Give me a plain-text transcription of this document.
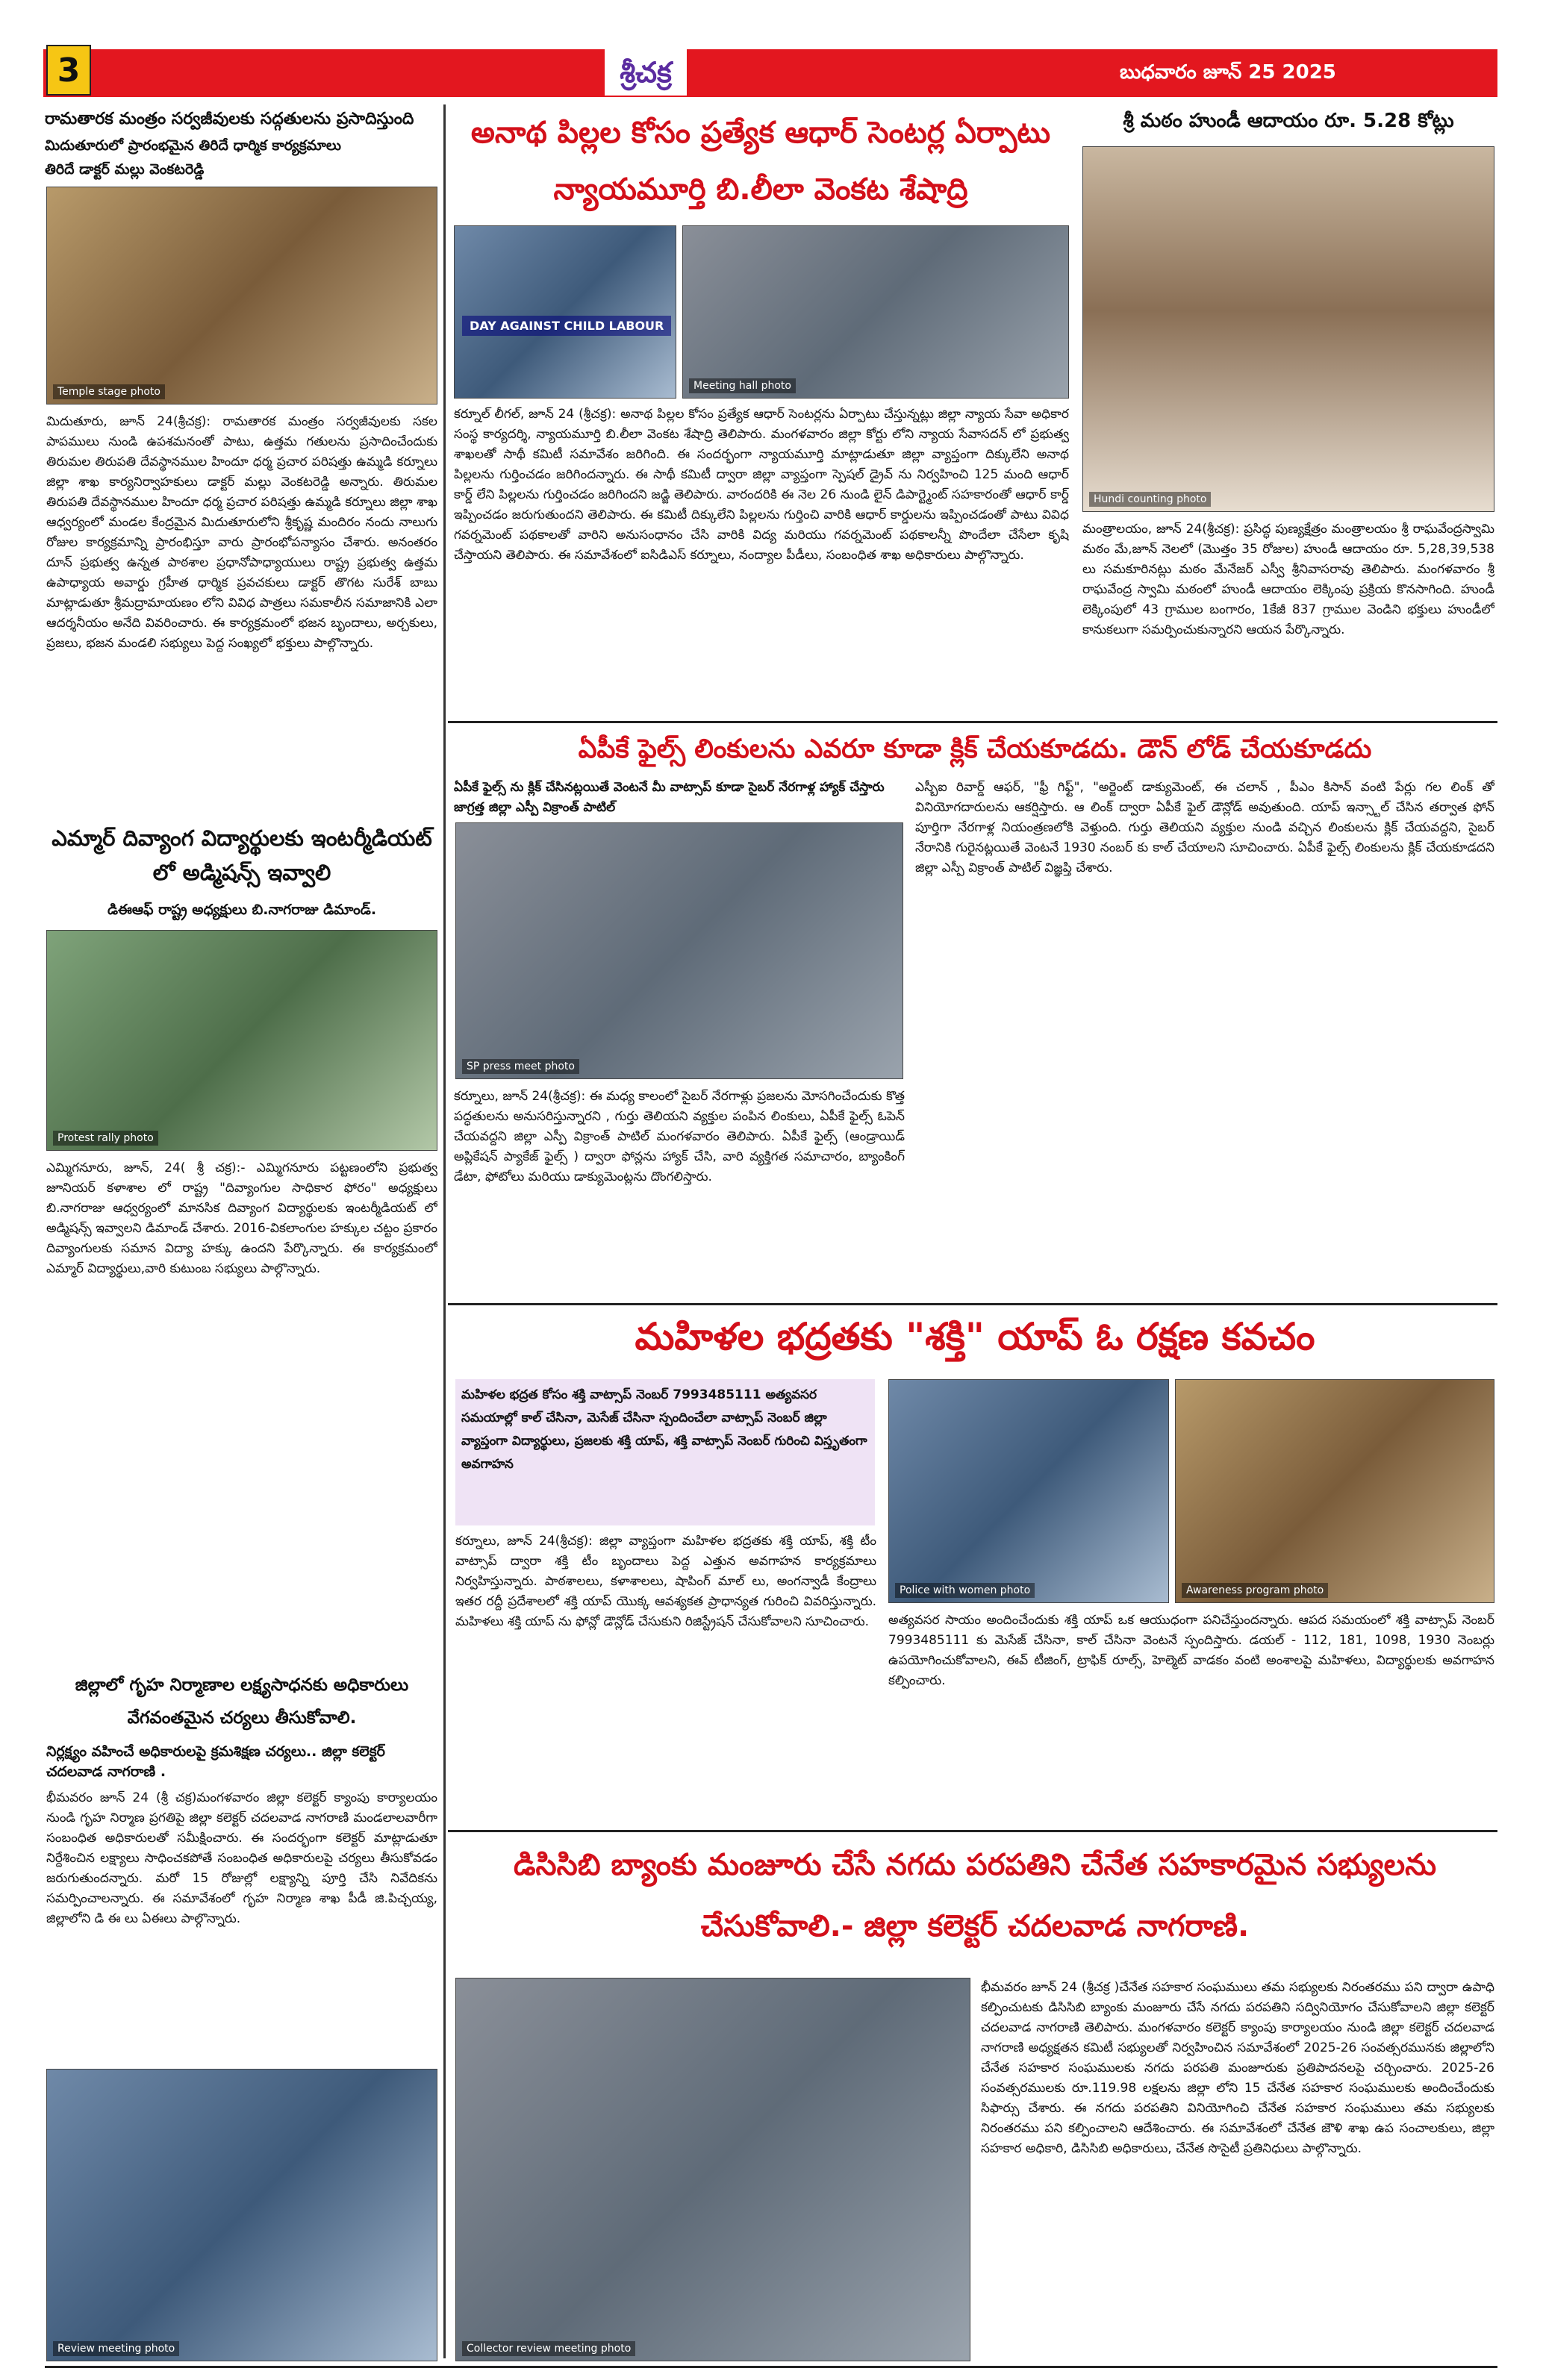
3	శ్రీచక్ర	బుధవారం జూన్ 25 2025
రామతారక మంత్రం సర్వజీవులకు సద్గతులను ప్రసాదిస్తుంది
మిదుతూరులో ప్రారంభమైన తిరిదే ధార్మిక కార్యక్రమాలు
తిరిదే డాక్టర్ మల్లు వెంకటరెడ్డి
Temple stage photo
మిదుతూరు, జూన్ 24(శ్రీచక్ర): రామతారక మంత్రం సర్వజీవులకు సకల పాపములు నుండి ఉపశమనంతో పాటు, ఉత్తమ గతులను ప్రసాదించేందుకు తిరుమల తిరుపతి దేవస్థానముల హిందూ ధర్మ ప్రచార పరిషత్తు ఉమ్మడి కర్నూలు జిల్లా శాఖ కార్యనిర్వాహకులు డాక్టర్ మల్లు వెంకటరెడ్డి అన్నారు. తిరుమల తిరుపతి దేవస్థానముల హిందూ ధర్మ ప్రచార పరిషత్తు ఉమ్మడి కర్నూలు జిల్లా శాఖ ఆధ్వర్యంలో మండల కేంద్రమైన మిదుతూరులోని శ్రీకృష్ణ మందిరం నందు నాలుగు రోజుల కార్యక్రమాన్ని ప్రారంభిస్తూ వారు ప్రారంభోపన్యాసం చేశారు. అనంతరం దూన్ ప్రభుత్వ ఉన్నత పాఠశాల ప్రధానోపాధ్యాయులు రాష్ట్ర ప్రభుత్వ ఉత్తమ ఉపాధ్యాయ అవార్డు గ్రహీత ధార్మిక ప్రవచకులు డాక్టర్ తొగట సురేశ్ బాబు మాట్లాడుతూ శ్రీమద్రామాయణం లోని వివిధ పాత్రలు సమకాలీన సమాజానికి ఎలా ఆదర్శనీయం అనేది వివరించారు. ఈ కార్యక్రమంలో భజన బృందాలు, అర్చకులు, ప్రజలు, భజన మండలి సభ్యులు పెద్ద సంఖ్యలో భక్తులు పాల్గొన్నారు.
ఎమ్మార్ దివ్యాంగ విద్యార్థులకు ఇంటర్మీడియట్ లో అడ్మిషన్స్ ఇవ్వాలి
డిఈఆఫ్ రాష్ట్ర అధ్యక్షులు బి.నాగరాజు డిమాండ్.
Protest rally photo
ఎమ్మిగనూరు, జూన్, 24( శ్రీ చక్ర):- ఎమ్మిగనూరు పట్టణంలోని ప్రభుత్వ జూనియర్ కళాశాల లో రాష్ట్ర "దివ్యాంగుల సాధికార ఫోరం" అధ్యక్షులు బి.నాగరాజు ఆధ్వర్యంలో మానసిక దివ్యాంగ విద్యార్థులకు ఇంటర్మీడియట్ లో అడ్మిషన్స్ ఇవ్వాలని డిమాండ్ చేశారు. 2016-వికలాంగుల హక్కుల చట్టం ప్రకారం దివ్యాంగులకు సమాన విద్యా హక్కు ఉందని పేర్కొన్నారు. ఈ కార్యక్రమంలో ఎమ్మార్ విద్యార్థులు,వారి కుటుంబ సభ్యులు పాల్గొన్నారు.
జిల్లాలో గృహ నిర్మాణాల లక్ష్యసాధనకు అధికారులు వేగవంతమైన చర్యలు తీసుకోవాలి.
నిర్లక్ష్యం వహించే అధికారులపై క్రమశిక్షణ చర్యలు.. జిల్లా కలెక్టర్ చదలవాడ నాగరాణి .
భీమవరం జూన్ 24 (శ్రీ చక్ర)మంగళవారం జిల్లా కలెక్టర్ క్యాంపు కార్యాలయం నుండి గృహ నిర్మాణ ప్రగతిపై జిల్లా కలెక్టర్ చదలవాడ నాగరాణి మండలాలవారీగా సంబంధిత అధికారులతో సమీక్షించారు. ఈ సందర్భంగా కలెక్టర్ మాట్లాడుతూ నిర్దేశించిన లక్ష్యాలు సాధించకపోతే సంబంధిత అధికారులపై చర్యలు తీసుకోవడం జరుగుతుందన్నారు. మరో 15 రోజుల్లో లక్ష్యాన్ని పూర్తి చేసి నివేదికను సమర్పించాలన్నారు. ఈ సమావేశంలో గృహ నిర్మాణ శాఖ పీడీ జి.పిచ్చయ్య, జిల్లాలోని డి ఈ లు ఏఈలు పాల్గొన్నారు.
Review meeting photo
అనాథ పిల్లల కోసం ప్రత్యేక ఆధార్ సెంటర్ల ఏర్పాటు న్యాయమూర్తి బి.లీలా వెంకట శేషాద్రి
DAY AGAINST CHILD LABOUR
Meeting hall photo
కర్నూల్ లీగల్, జూన్ 24 (శ్రీచక్ర): అనాథ పిల్లల కోసం ప్రత్యేక ఆధార్ సెంటర్లను ఏర్పాటు చేస్తున్నట్లు జిల్లా న్యాయ సేవా అధికార సంస్థ కార్యదర్శి, న్యాయమూర్తి బి.లీలా వెంకట శేషాద్రి తెలిపారు. మంగళవారం జిల్లా కోర్టు లోని న్యాయ సేవాసదన్ లో ప్రభుత్వ శాఖలతో సాథీ కమిటీ సమావేశం జరిగింది. ఈ సందర్భంగా న్యాయమూర్తి మాట్లాడుతూ జిల్లా వ్యాప్తంగా దిక్కులేని అనాథ పిల్లలను గుర్తించడం జరిగిందన్నారు. ఈ సాథీ కమిటీ ద్వారా జిల్లా వ్యాప్తంగా స్పెషల్ డ్రైవ్ ను నిర్వహించి 125 మంది ఆధార్ కార్డ్ లేని పిల్లలను గుర్తించడం జరిగిందని జడ్జి తెలిపారు. వారందరికి ఈ నెల 26 నుండి లైన్ డిపార్ట్మెంట్ సహకారంతో ఆధార్ కార్డ్ ఇప్పించడం జరుగుతుందని తెలిపారు. ఈ కమిటీ దిక్కులేని పిల్లలను గుర్తించి వారికి ఆధార్ కార్డులను ఇప్పించడంతో పాటు వివిధ గవర్నమెంట్ పథకాలతో వారిని అనుసంధానం చేసి వారికి విద్య మరియు గవర్నమెంట్ పథకాలన్నీ పొందేలా చేసేలా కృషి చేస్తాయని తెలిపారు. ఈ సమావేశంలో ఐసిడిఎస్ కర్నూలు, నంద్యాల పీడీలు, సంబంధిత శాఖ అధికారులు పాల్గొన్నారు.
శ్రీ మఠం హుండీ ఆదాయం రూ. 5.28 కోట్లు
Hundi counting photo
మంత్రాలయం, జూన్ 24(శ్రీచక్ర): ప్రసిద్ధ పుణ్యక్షేత్రం మంత్రాలయం శ్రీ రాఘవేంద్రస్వామి మఠం మే,జూన్ నెలలో (మొత్తం 35 రోజుల) హుండీ ఆదాయం రూ. 5,28,39,538 లు సమకూరినట్లు మఠం మేనేజర్ ఎస్వీ శ్రీనివాసరావు తెలిపారు. మంగళవారం శ్రీ రాఘవేంద్ర స్వామి మఠంలో హుండీ ఆదాయం లెక్కింపు ప్రక్రియ కొనసాగింది. హుండీ లెక్కింపులో 43 గ్రాముల బంగారం, 1కేజీ 837 గ్రాముల వెండిని భక్తులు హుండీలో కానుకలుగా సమర్పించుకున్నారని ఆయన పేర్కొన్నారు.
ఏపీకే ఫైల్స్ లింకులను ఎవరూ కూడా క్లిక్ చేయకూడదు. డౌన్ లోడ్ చేయకూడదు
ఏపీకే ఫైల్స్ ను క్లిక్ చేసినట్లయితే వెంటనే మీ వాట్సాప్ కూడా సైబర్ నేరగాళ్ల హ్యాక్ చేస్తారు జాగ్రత్త జిల్లా ఎస్పీ విక్రాంత్ పాటిల్
SP press meet photo
కర్నూలు, జూన్ 24(శ్రీచక్ర): ఈ మధ్య కాలంలో సైబర్ నేరగాళ్లు ప్రజలను మోసగించేందుకు కొత్త పద్ధతులను అనుసరిస్తున్నారని , గుర్తు తెలియని వ్యక్తుల పంపిన లింకులు, ఏపీకే ఫైల్స్ ఓపెన్ చేయవద్దని జిల్లా ఎస్పీ విక్రాంత్ పాటిల్ మంగళవారం తెలిపారు. ఏపీకే ఫైల్స్ (ఆండ్రాయిడ్ అప్లికేషన్ ప్యాకేజ్ ఫైల్స్ ) ద్వారా ఫోన్లను హ్యాక్ చేసి, వారి వ్యక్తిగత సమాచారం, బ్యాంకింగ్ డేటా, ఫోటోలు మరియు డాక్యుమెంట్లను దొంగలిస్తారు.
ఎస్బీఐ రివార్డ్ ఆఫర్, "ఫ్రీ గిఫ్ట్", "అర్జెంట్ డాక్యుమెంట్, ఈ చలాన్ , పీఎం కిసాన్ వంటి పేర్లు గల లింక్ తో వినియోగదారులను ఆకర్షిస్తారు. ఆ లింక్ ద్వారా ఏపీకే ఫైల్ డౌన్లోడ్ అవుతుంది. యాప్ ఇన్స్టాల్ చేసిన తర్వాత ఫోన్ పూర్తిగా నేరగాళ్ల నియంత్రణలోకి వెళ్తుంది. గుర్తు తెలియని వ్యక్తుల నుండి వచ్చిన లింకులను క్లిక్ చేయవద్దని, సైబర్ నేరానికి గురైనట్లయితే వెంటనే 1930 నంబర్ కు కాల్ చేయాలని సూచించారు. ఏపీకే ఫైల్స్ లింకులను క్లిక్ చేయకూడదని జిల్లా ఎస్పీ విక్రాంత్ పాటిల్ విజ్ఞప్తి చేశారు.
మహిళల భద్రతకు "శక్తి" యాప్ ఓ రక్షణ కవచం
మహిళల భద్రత కోసం శక్తి వాట్సాప్ నెంబర్ 7993485111 అత్యవసర సమయాల్లో కాల్ చేసినా, మెసేజ్ చేసినా స్పందించేలా వాట్సాప్ నెంబర్ జిల్లా వ్యాప్తంగా విద్యార్థులు, ప్రజలకు శక్తి యాప్, శక్తి వాట్సాప్ నెంబర్ గురించి విస్తృతంగా అవగాహన
కర్నూలు, జూన్ 24(శ్రీచక్ర): జిల్లా వ్యాప్తంగా మహిళల భద్రతకు శక్తి యాప్, శక్తి టీం వాట్సాప్ ద్వారా శక్తి టీం బృందాలు పెద్ద ఎత్తున అవగాహన కార్యక్రమాలు నిర్వహిస్తున్నారు. పాఠశాలలు, కళాశాలలు, షాపింగ్ మాల్ లు, అంగన్వాడీ కేంద్రాలు ఇతర రద్దీ ప్రదేశాలలో శక్తి యాప్ యొక్క ఆవశ్యకత ప్రాధాన్యత గురించి వివరిస్తున్నారు. మహిళలు శక్తి యాప్ ను ఫోన్లో డౌన్లోడ్ చేసుకుని రిజిస్ట్రేషన్ చేసుకోవాలని సూచించారు.
Police with women photo	Awareness program photo
అత్యవసర సాయం అందించేందుకు శక్తి యాప్ ఒక ఆయుధంగా పనిచేస్తుందన్నారు. ఆపద సమయంలో శక్తి వాట్సాప్ నెంబర్ 7993485111 కు మెసేజ్ చేసినా, కాల్ చేసినా వెంటనే స్పందిస్తారు. డయల్ - 112, 181, 1098, 1930 నెంబర్లు ఉపయోగించుకోవాలని, ఈవ్ టీజింగ్, ట్రాఫిక్ రూల్స్, హెల్మెట్ వాడకం వంటి అంశాలపై మహిళలు, విద్యార్థులకు అవగాహన కల్పించారు.
డిసిసిబి బ్యాంకు మంజూరు చేసే నగదు పరపతిని చేనేత సహకారమైన సభ్యులను చేసుకోవాలి.- జిల్లా కలెక్టర్ చదలవాడ నాగరాణి.
Collector review meeting photo
భీమవరం జూన్ 24 (శ్రీచక్ర )చేనేత సహకార సంఘములు తమ సభ్యులకు నిరంతరము పని ద్వారా ఉపాధి కల్పించుటకు డిసిసిబి బ్యాంకు మంజూరు చేసే నగదు పరపతిని సద్వినియోగం చేసుకోవాలని జిల్లా కలెక్టర్ చదలవాడ నాగరాణి తెలిపారు. మంగళవారం కలెక్టర్ క్యాంపు కార్యాలయం నుండి జిల్లా కలెక్టర్ చదలవాడ నాగరాణి అధ్యక్షతన కమిటీ సభ్యులతో నిర్వహించిన సమావేశంలో 2025-26 సంవత్సరమునకు జిల్లాలోని చేనేత సహకార సంఘములకు నగదు పరపతి మంజూరుకు ప్రతిపాదనలపై చర్చించారు. 2025-26 సంవత్సరములకు రూ.119.98 లక్షలను జిల్లా లోని 15 చేనేత సహకార సంఘములకు అందించేందుకు సిఫార్సు చేశారు. ఈ నగదు పరపతిని వినియోగించి చేనేత సహకార సంఘములు తమ సభ్యులకు నిరంతరము పని కల్పించాలని ఆదేశించారు. ఈ సమావేశంలో చేనేత జౌళి శాఖ ఉప సంచాలకులు, జిల్లా సహకార అధికారి, డిసిసిబి అధికారులు, చేనేత సొసైటీ ప్రతినిధులు పాల్గొన్నారు.
